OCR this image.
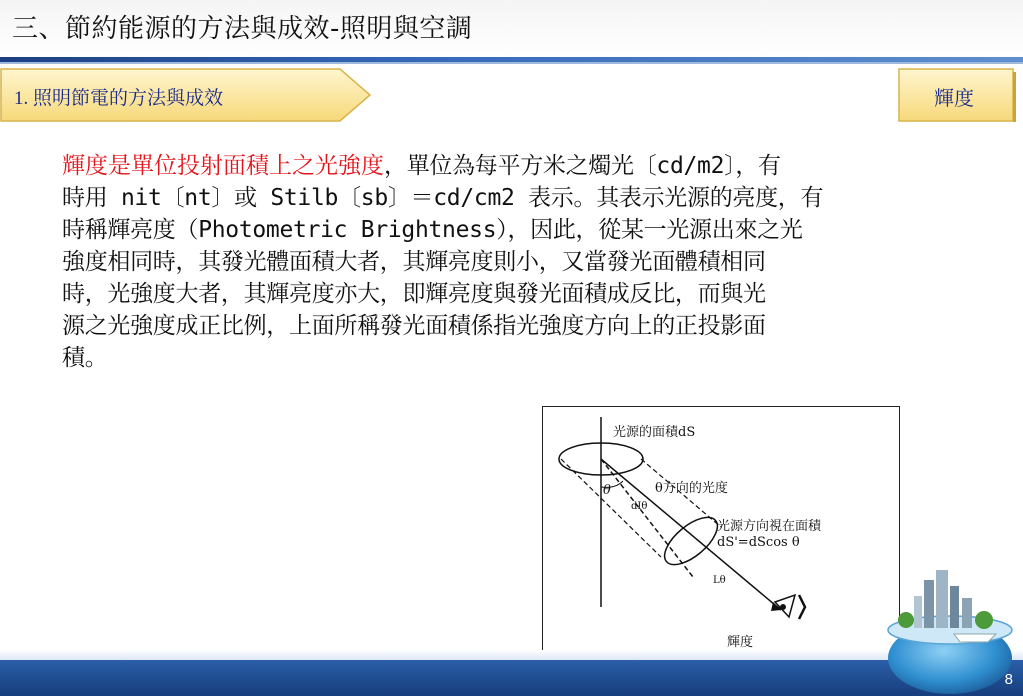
三、節約能源的方法與成效-照明與空調
1. 照明節電的方法與成效	輝度
輝度是單位投射面積上之光強度，單位為每平方米之燭光〔cd/m2〕，有
時用 nit〔nt〕或 Stilb〔sb〕＝cd/cm2 表示。其表示光源的亮度，有
時稱輝亮度（Photometric Brightness），因此，從某一光源出來之光
強度相同時，其發光體面積大者，其輝亮度則小，又當發光面體積相同
時，光強度大者，其輝亮度亦大，即輝亮度與發光面積成反比，而與光
源之光強度成正比例，上面所稱發光面積係指光強度方向上的正投影面
積。
光源的面積dS
θ
dIθ
θ方向的光度
光源方向視在面積
dS'=dScos θ
Lθ
輝度
8
